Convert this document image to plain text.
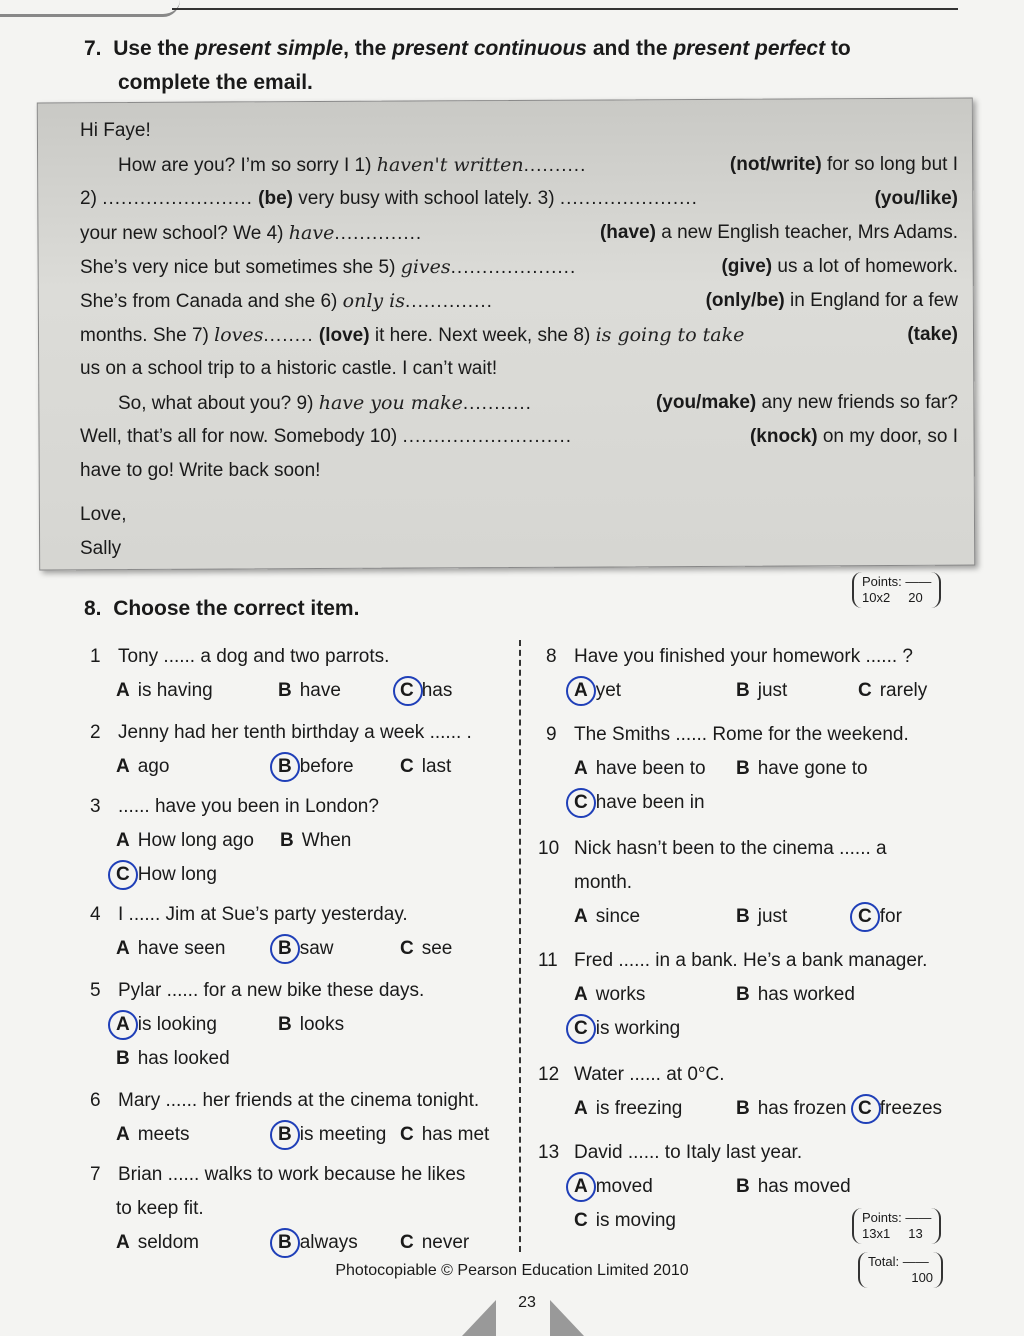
7. Use the present simple, the present continuous and the present perfect to
complete the email.
Hi Faye!
How are you? I’m so sorry I 1) haven't written..........	(not/write) for so long but I
2) ........................ (be) very busy with school lately. 3) ......................	(you/like)
your new school? We 4) have..............	(have) a new English teacher, Mrs Adams.
She’s very nice but sometimes she 5) gives....................	(give) us a lot of homework.
She’s from Canada and she 6) only is..............	(only/be) in England for a few
months. She 7) loves........ (love) it here. Next week, she 8) is going to take	(take)
us on a school trip to a historic castle. I can’t wait!
So, what about you? 9) have you make...........	(you/make) any new friends so far?
Well, that’s all for now. Somebody 10) ...........................	(knock) on my door, so I
have to go! Write back soon!
Love,
Sally
8. Choose the correct item.
Points: ——
10x2 20
1 Tony ...... a dog and two parrots.
A is having	B have	C has
2 Jenny had her tenth birthday a week ...... .
A ago	B before C last
3 ...... have you been in London?
A How long ago B When
C How long
4 I ...... Jim at Sue’s party yesterday.
A have seen	B saw	C see
5 Pylar ...... for a new bike these days.
A is looking	B looks
B has looked
6 Mary ...... her friends at the cinema tonight.
A meets	B is meeting C has met
7 Brian ...... walks to work because he likes
to keep fit.
A seldom	B always C never
8 Have you finished your homework ...... ?
A yet	B just	C rarely
9 The Smiths ...... Rome for the weekend.
A have been to B have gone to
C have been in
10 Nick hasn’t been to the cinema ...... a
month.
A since	B just	C for
11 Fred ...... in a bank. He’s a bank manager.
A works	B has worked
C is working
12 Water ...... at 0°C.
A is freezing	B has frozen C freezes
13 David ...... to Italy last year.
A moved	B has moved
C is moving	Points: ——
13x1 13
Total: ——
100
Photocopiable © Pearson Education Limited 2010
23
